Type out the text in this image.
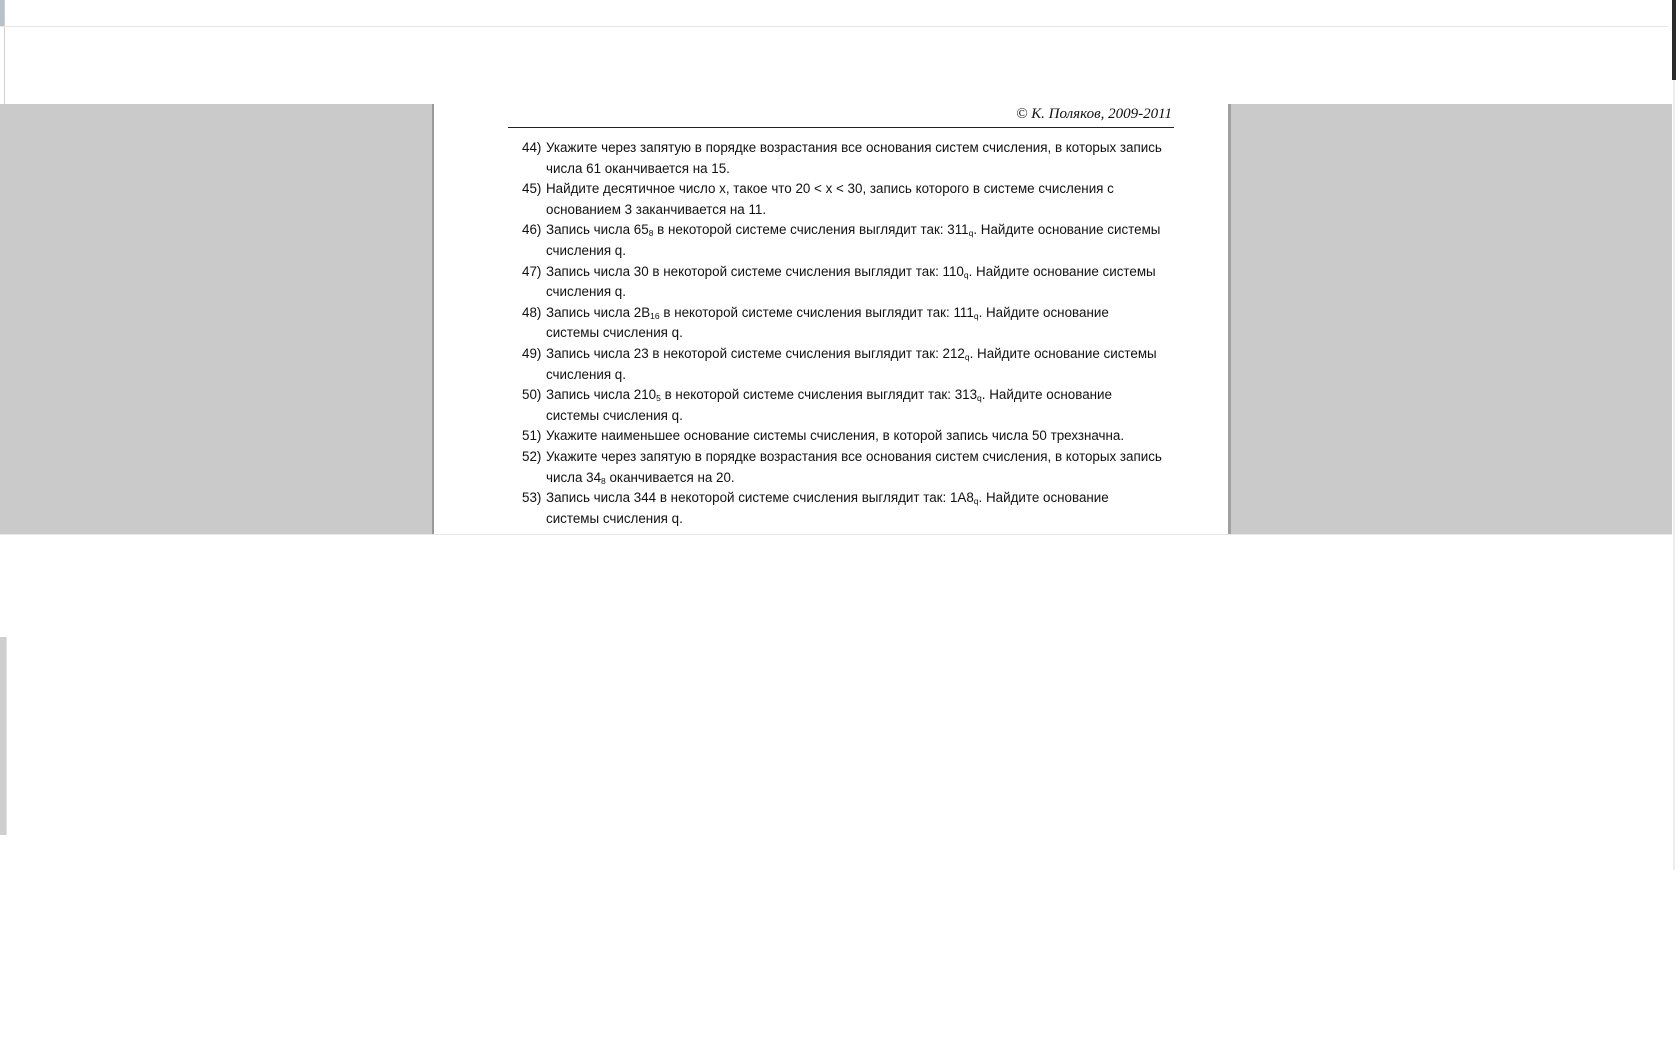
© К. Поляков, 2009-2011
44) Укажите через запятую в порядке возрастания все основания систем счисления, в которых запись числа 61 оканчивается на 15.
45) Найдите десятичное число x, такое что 20 < x < 30, запись которого в системе счисления с основанием 3 заканчивается на 11.
46) Запись числа $65_8$ в некоторой системе счисления выглядит так: $311_q$. Найдите основание системы счисления q.
47) Запись числа 30 в некоторой системе счисления выглядит так: $110_q$. Найдите основание системы счисления q.
48) Запись числа $2B_{16}$ в некоторой системе счисления выглядит так: $111_q$. Найдите основание системы счисления q.
49) Запись числа 23 в некоторой системе счисления выглядит так: $212_q$. Найдите основание системы счисления q.
50) Запись числа $210_5$ в некоторой системе счисления выглядит так: $313_q$. Найдите основание системы счисления q.
51) Укажите наименьшее основание системы счисления, в которой запись числа 50 трехзначна.
52) Укажите через запятую в порядке возрастания все основания систем счисления, в которых запись числа $34_8$ оканчивается на 20.
53) Запись числа 344 в некоторой системе счисления выглядит так: $1A8_q$. Найдите основание системы счисления q.
